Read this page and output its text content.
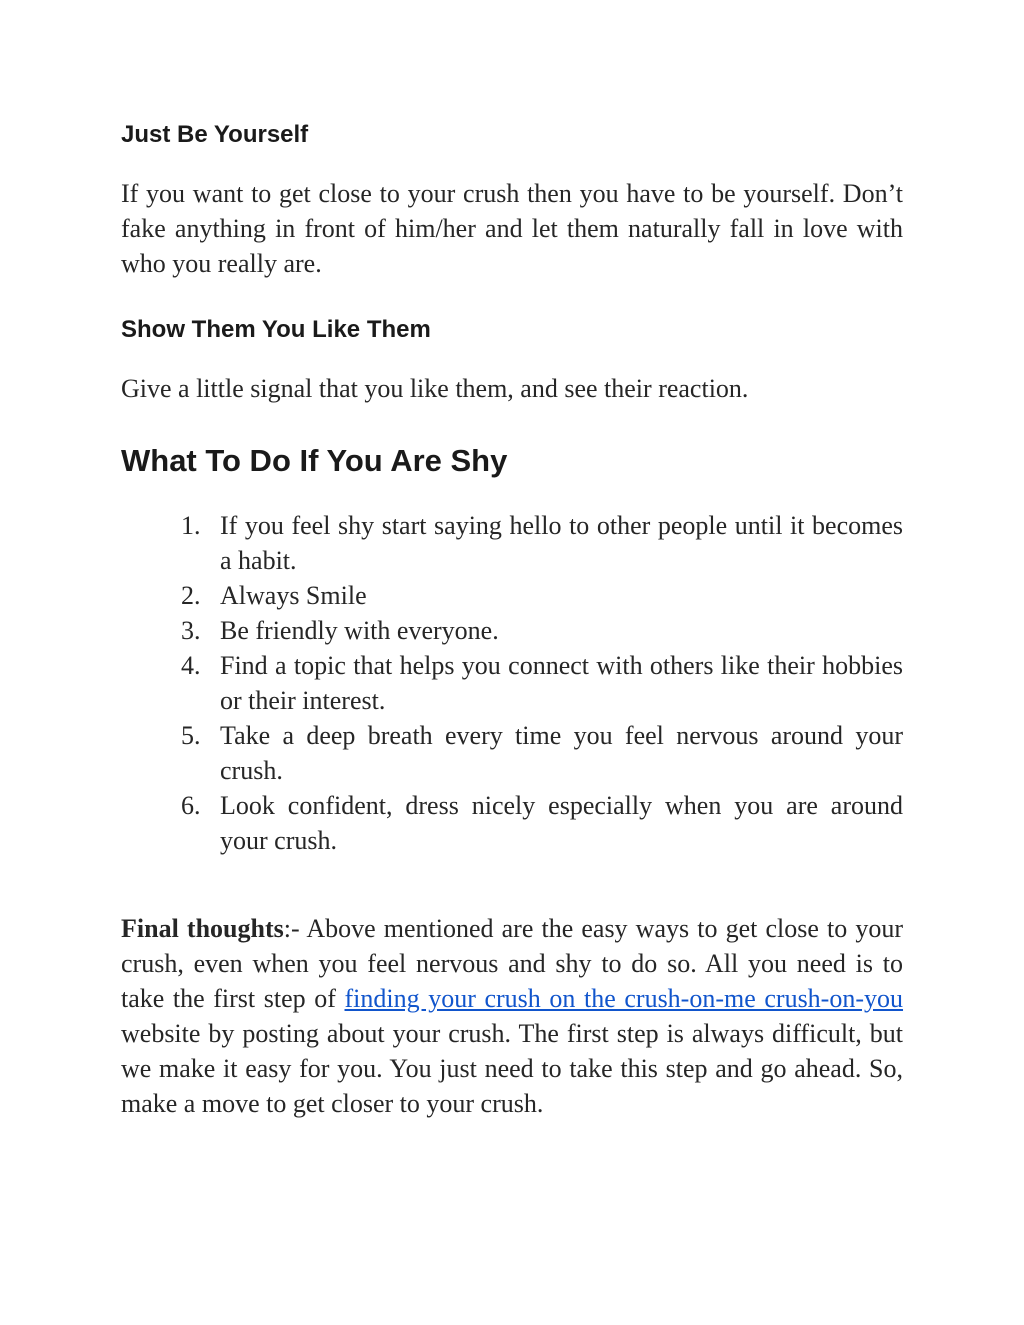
Just Be Yourself

If you want to get close to your crush then you have to be yourself. Don’t fake anything in front of him/her and let them naturally fall in love with who you really are.

Show Them You Like Them

Give a little signal that you like them, and see their reaction.

What To Do If You Are Shy
1. If you feel shy start saying hello to other people until it becomes a habit.
2. Always Smile
3. Be friendly with everyone.
4. Find a topic that helps you connect with others like their hobbies or their interest.
5. Take a deep breath every time you feel nervous around your crush.
6. Look confident, dress nicely especially when you are around your crush.

Final thoughts:- Above mentioned are the easy ways to get close to your crush, even when you feel nervous and shy to do so. All you need is to take the first step of finding your crush on the crush-on-me crush-on-you website by posting about your crush. The first step is always difficult, but we make it easy for you. You just need to take this step and go ahead. So, make a move to get closer to your crush.
